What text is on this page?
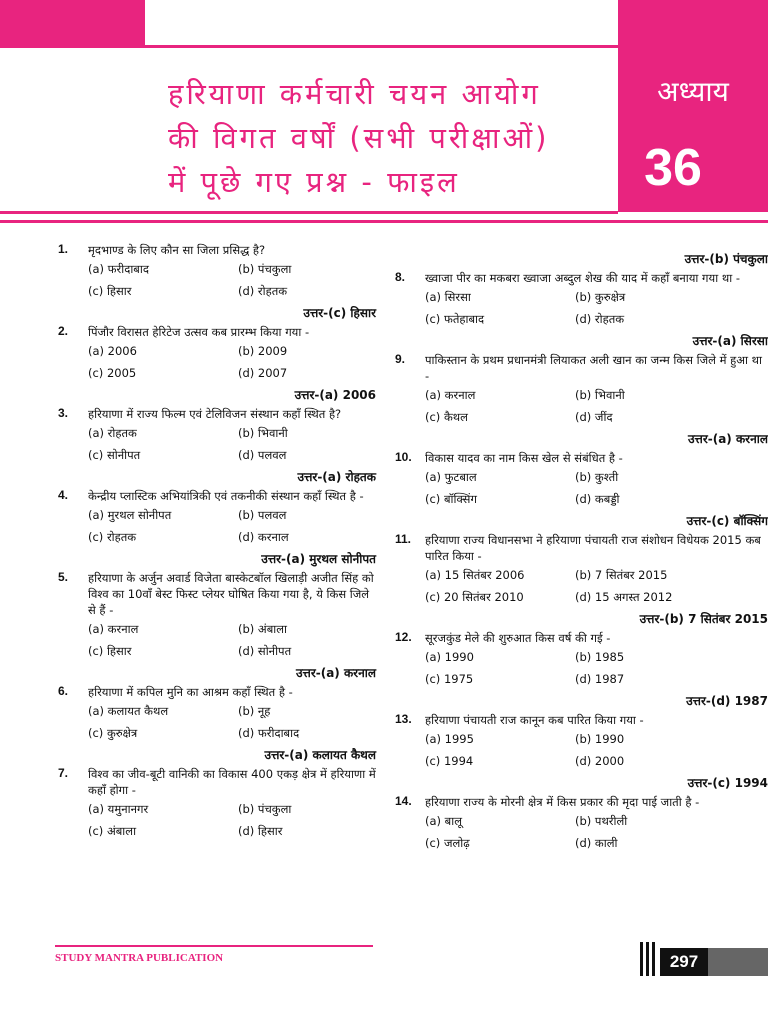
अध्याय
36
हरियाणा कर्मचारी चयन आयोग
की विगत वर्षों (सभी परीक्षाओं)
में पूछे गए प्रश्न - फाइल
1. मृदभाण्ड के लिए कौन सा जिला प्रसिद्ध है?
(a) फरीदाबाद	(b) पंचकुला
(c) हिसार	(d) रोहतक
उत्तर-(c) हिसार
2. पिंजौर विरासत हेरिटेज उत्सव कब प्रारम्भ किया गया -
(a) 2006	(b) 2009
(c) 2005	(d) 2007
उत्तर-(a) 2006
3. हरियाणा में राज्य फिल्म एवं टेलिविजन संस्थान कहाँ स्थित है?
(a) रोहतक	(b) भिवानी
(c) सोनीपत	(d) पलवल
उत्तर-(a) रोहतक
4. केन्द्रीय प्लास्टिक अभियांत्रिकी एवं तकनीकी संस्थान कहाँ स्थित है -
(a) मुरथल सोनीपत	(b) पलवल
(c) रोहतक	(d) करनाल
उत्तर-(a) मुरथल सोनीपत
5. हरियाणा के अर्जुन अवार्ड विजेता बास्केटबॉल खिलाड़ी अजीत सिंह को विश्व का 10वाँ बेस्ट फिस्ट प्लेयर घोषित किया गया है, ये किस जिले से हैं -
(a) करनाल	(b) अंबाला
(c) हिसार	(d) सोनीपत
उत्तर-(a) करनाल
6. हरियाणा में कपिल मुनि का आश्रम कहाँ स्थित है -
(a) कलायत कैथल	(b) नूह
(c) कुरुक्षेत्र	(d) फरीदाबाद
उत्तर-(a) कलायत कैथल
7. विश्व का जीव-बूटी वानिकी का विकास 400 एकड़ क्षेत्र में हरियाणा में कहाँ होगा -
(a) यमुनानगर	(b) पंचकुला
(c) अंबाला	(d) हिसार
उत्तर-(b) पंचकुला
8. ख्वाजा पीर का मकबरा ख्वाजा अब्दुल शेख की याद में कहाँ बनाया गया था -
(a) सिरसा	(b) कुरुक्षेत्र
(c) फतेहाबाद	(d) रोहतक
उत्तर-(a) सिरसा
9. पाकिस्तान के प्रथम प्रधानमंत्री लियाकत अली खान का जन्म किस जिले में हुआ था -
(a) करनाल	(b) भिवानी
(c) कैथल	(d) जींद
उत्तर-(a) करनाल
10. विकास यादव का नाम किस खेल से संबंधित है -
(a) फुटबाल	(b) कुश्ती
(c) बॉक्सिंग	(d) कबड्डी
उत्तर-(c) बॉक्सिंग
11. हरियाणा राज्य विधानसभा ने हरियाणा पंचायती राज संशोधन विधेयक 2015 कब पारित किया -
(a) 15 सितंबर 2006	(b) 7 सितंबर 2015
(c) 20 सितंबर 2010	(d) 15 अगस्त 2012
उत्तर-(b) 7 सितंबर 2015
12. सूरजकुंड मेले की शुरुआत किस वर्ष की गई -
(a) 1990	(b) 1985
(c) 1975	(d) 1987
उत्तर-(d) 1987
13. हरियाणा पंचायती राज कानून कब पारित किया गया -
(a) 1995	(b) 1990
(c) 1994	(d) 2000
उत्तर-(c) 1994
14. हरियाणा राज्य के मोरनी क्षेत्र में किस प्रकार की मृदा पाई जाती है -
(a) बालू	(b) पथरीली
(c) जलोढ़	(d) काली
STUDY MANTRA PUBLICATION	297
